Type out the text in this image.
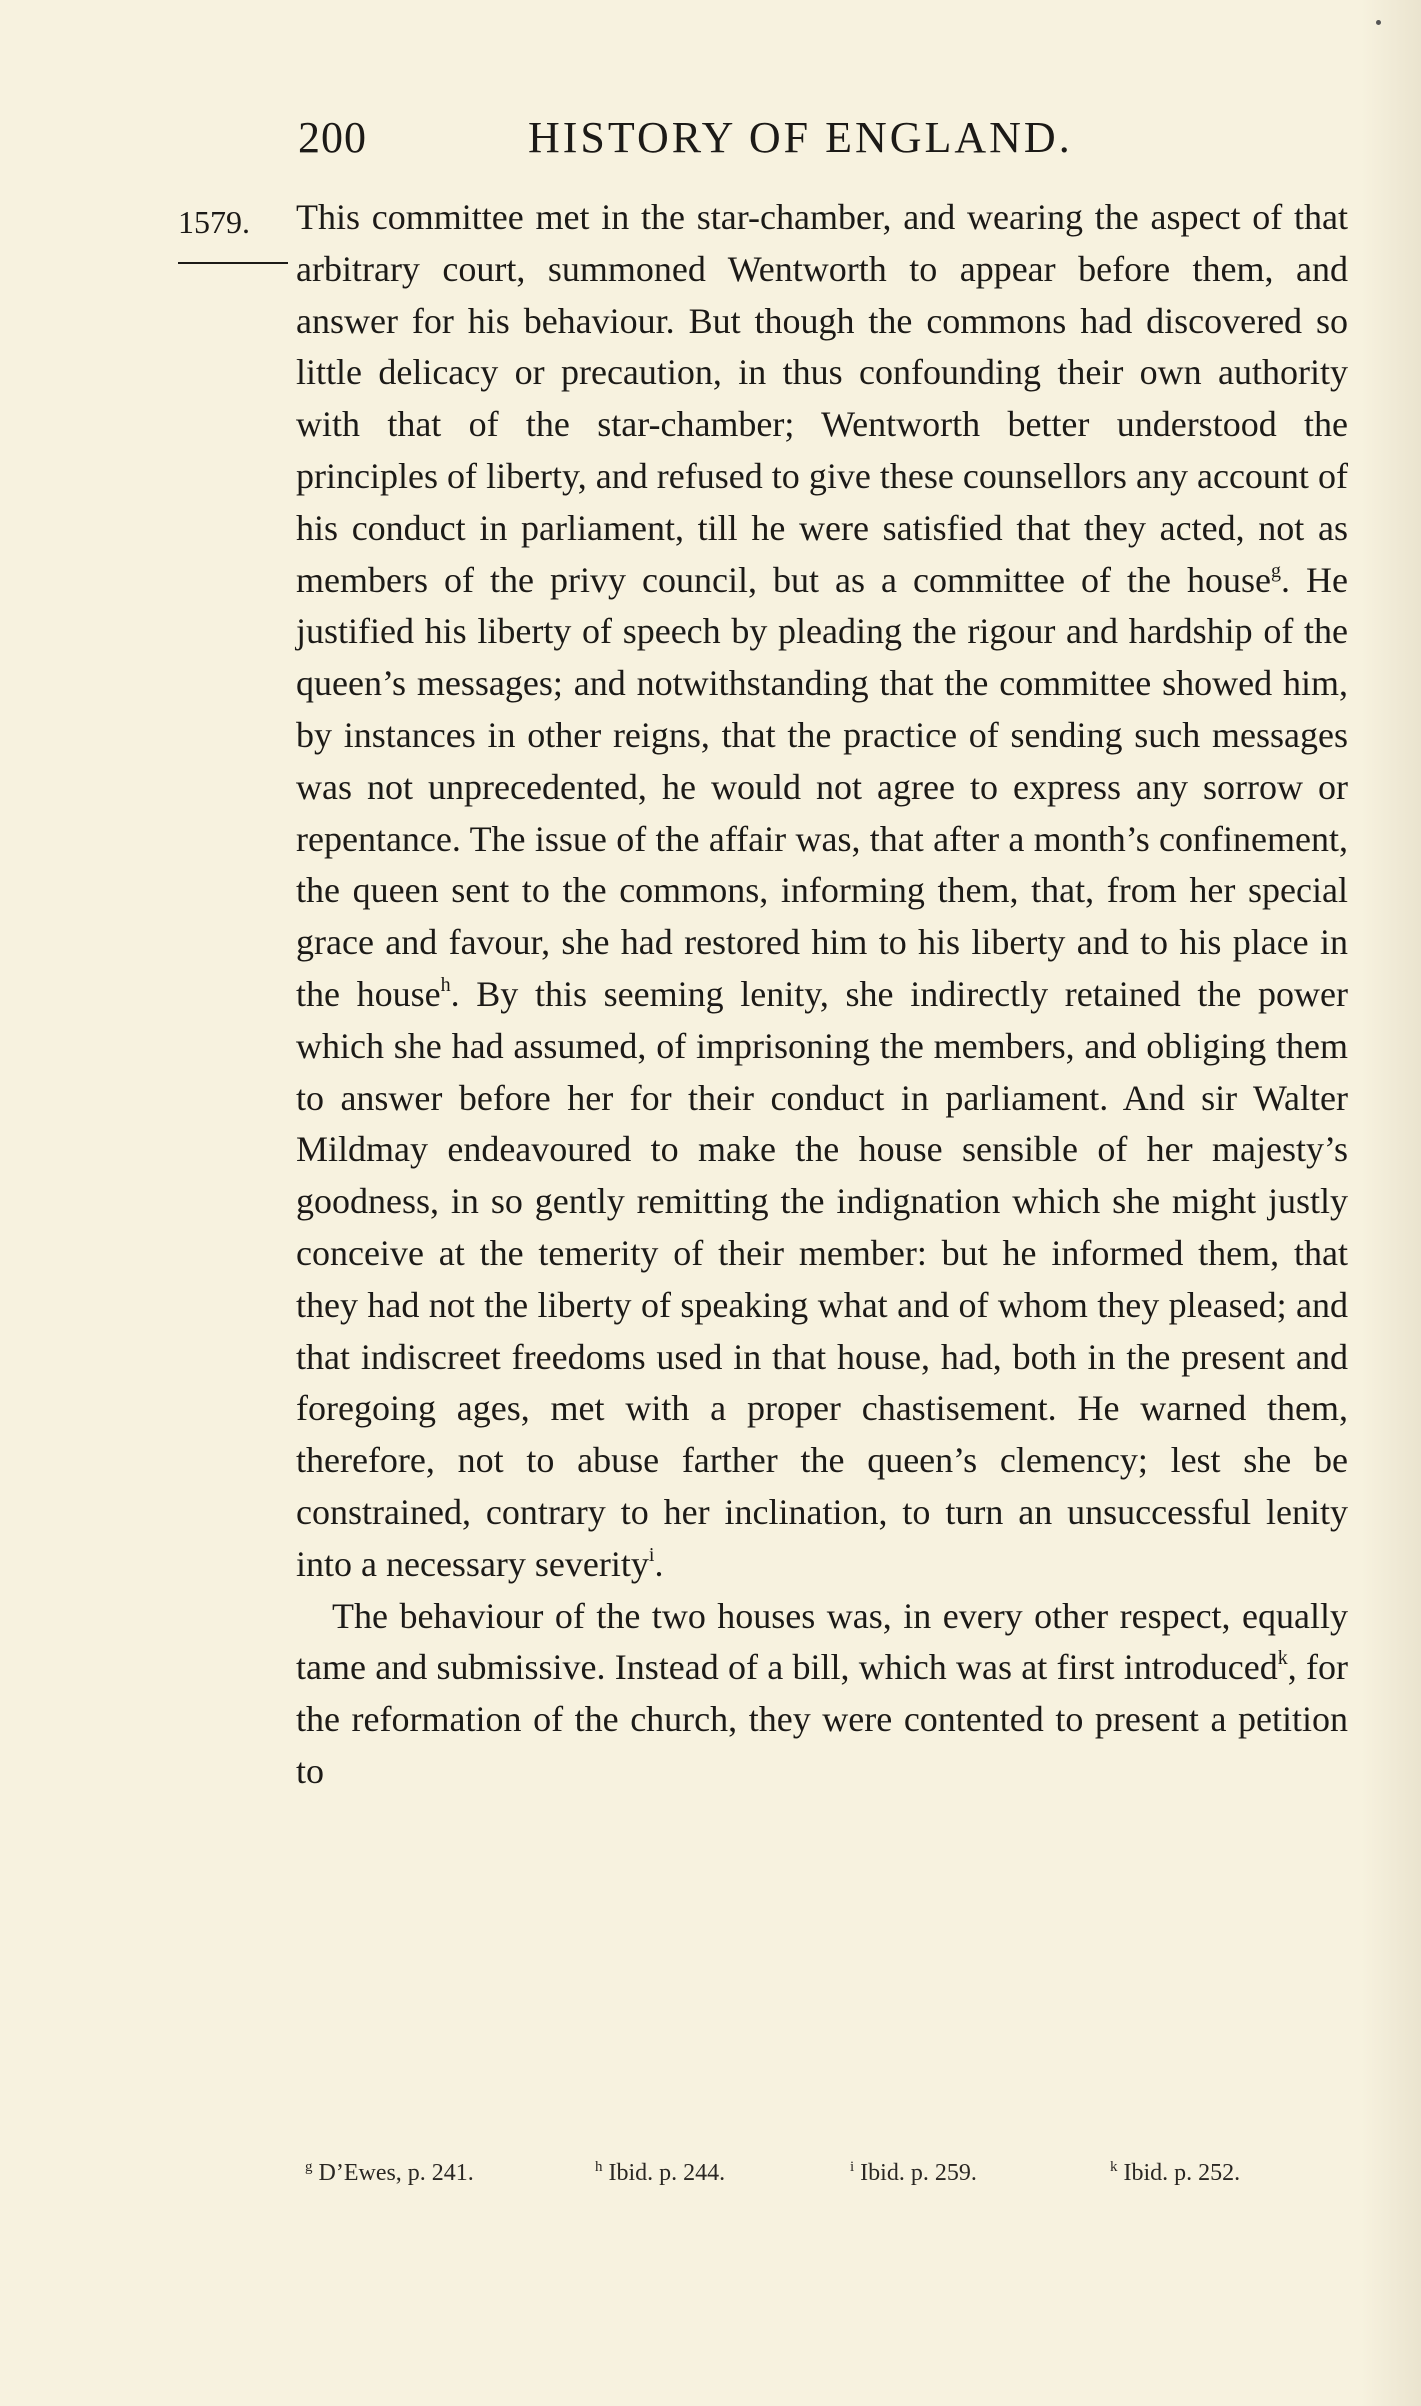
200	HISTORY OF ENGLAND.
1579. This committee met in the star-chamber, and wearing the aspect of that arbitrary court, summoned Wentworth to appear before them, and answer for his behaviour. But though the commons had discovered so little delicacy or precaution, in thus confounding their own authority with that of the star-chamber; Wentworth better understood the principles of liberty, and refused to give these counsellors any account of his conduct in parliament, till he were satisfied that they acted, not as members of the privy council, but as a committee of the house$^g$. He justified his liberty of speech by pleading the rigour and hardship of the queen’s messages; and notwithstanding that the committee showed him, by instances in other reigns, that the practice of sending such messages was not unprecedented, he would not agree to express any sorrow or repentance. The issue of the affair was, that after a month’s confinement, the queen sent to the commons, informing them, that, from her special grace and favour, she had restored him to his liberty and to his place in the house$^h$. By this seeming lenity, she indirectly retained the power which she had assumed, of imprisoning the members, and obliging them to answer before her for their conduct in parliament. And sir Walter Mildmay endeavoured to make the house sensible of her majesty’s goodness, in so gently remitting the indignation which she might justly conceive at the temerity of their member: but he informed them, that they had not the liberty of speaking what and of whom they pleased; and that indiscreet freedoms used in that house, had, both in the present and foregoing ages, met with a proper chastisement. He warned them, therefore, not to abuse farther the queen’s clemency; lest she be constrained, contrary to her inclination, to turn an unsuccessful lenity into a necessary severity$^i$.

The behaviour of the two houses was, in every other respect, equally tame and submissive. Instead of a bill, which was at first introduced$^k$, for the reformation of the church, they were contented to present a petition to

$^g$ D’Ewes, p. 241.	$^h$ Ibid. p. 244.	$^i$ Ibid. p. 259.	$^k$ Ibid. p. 252.
